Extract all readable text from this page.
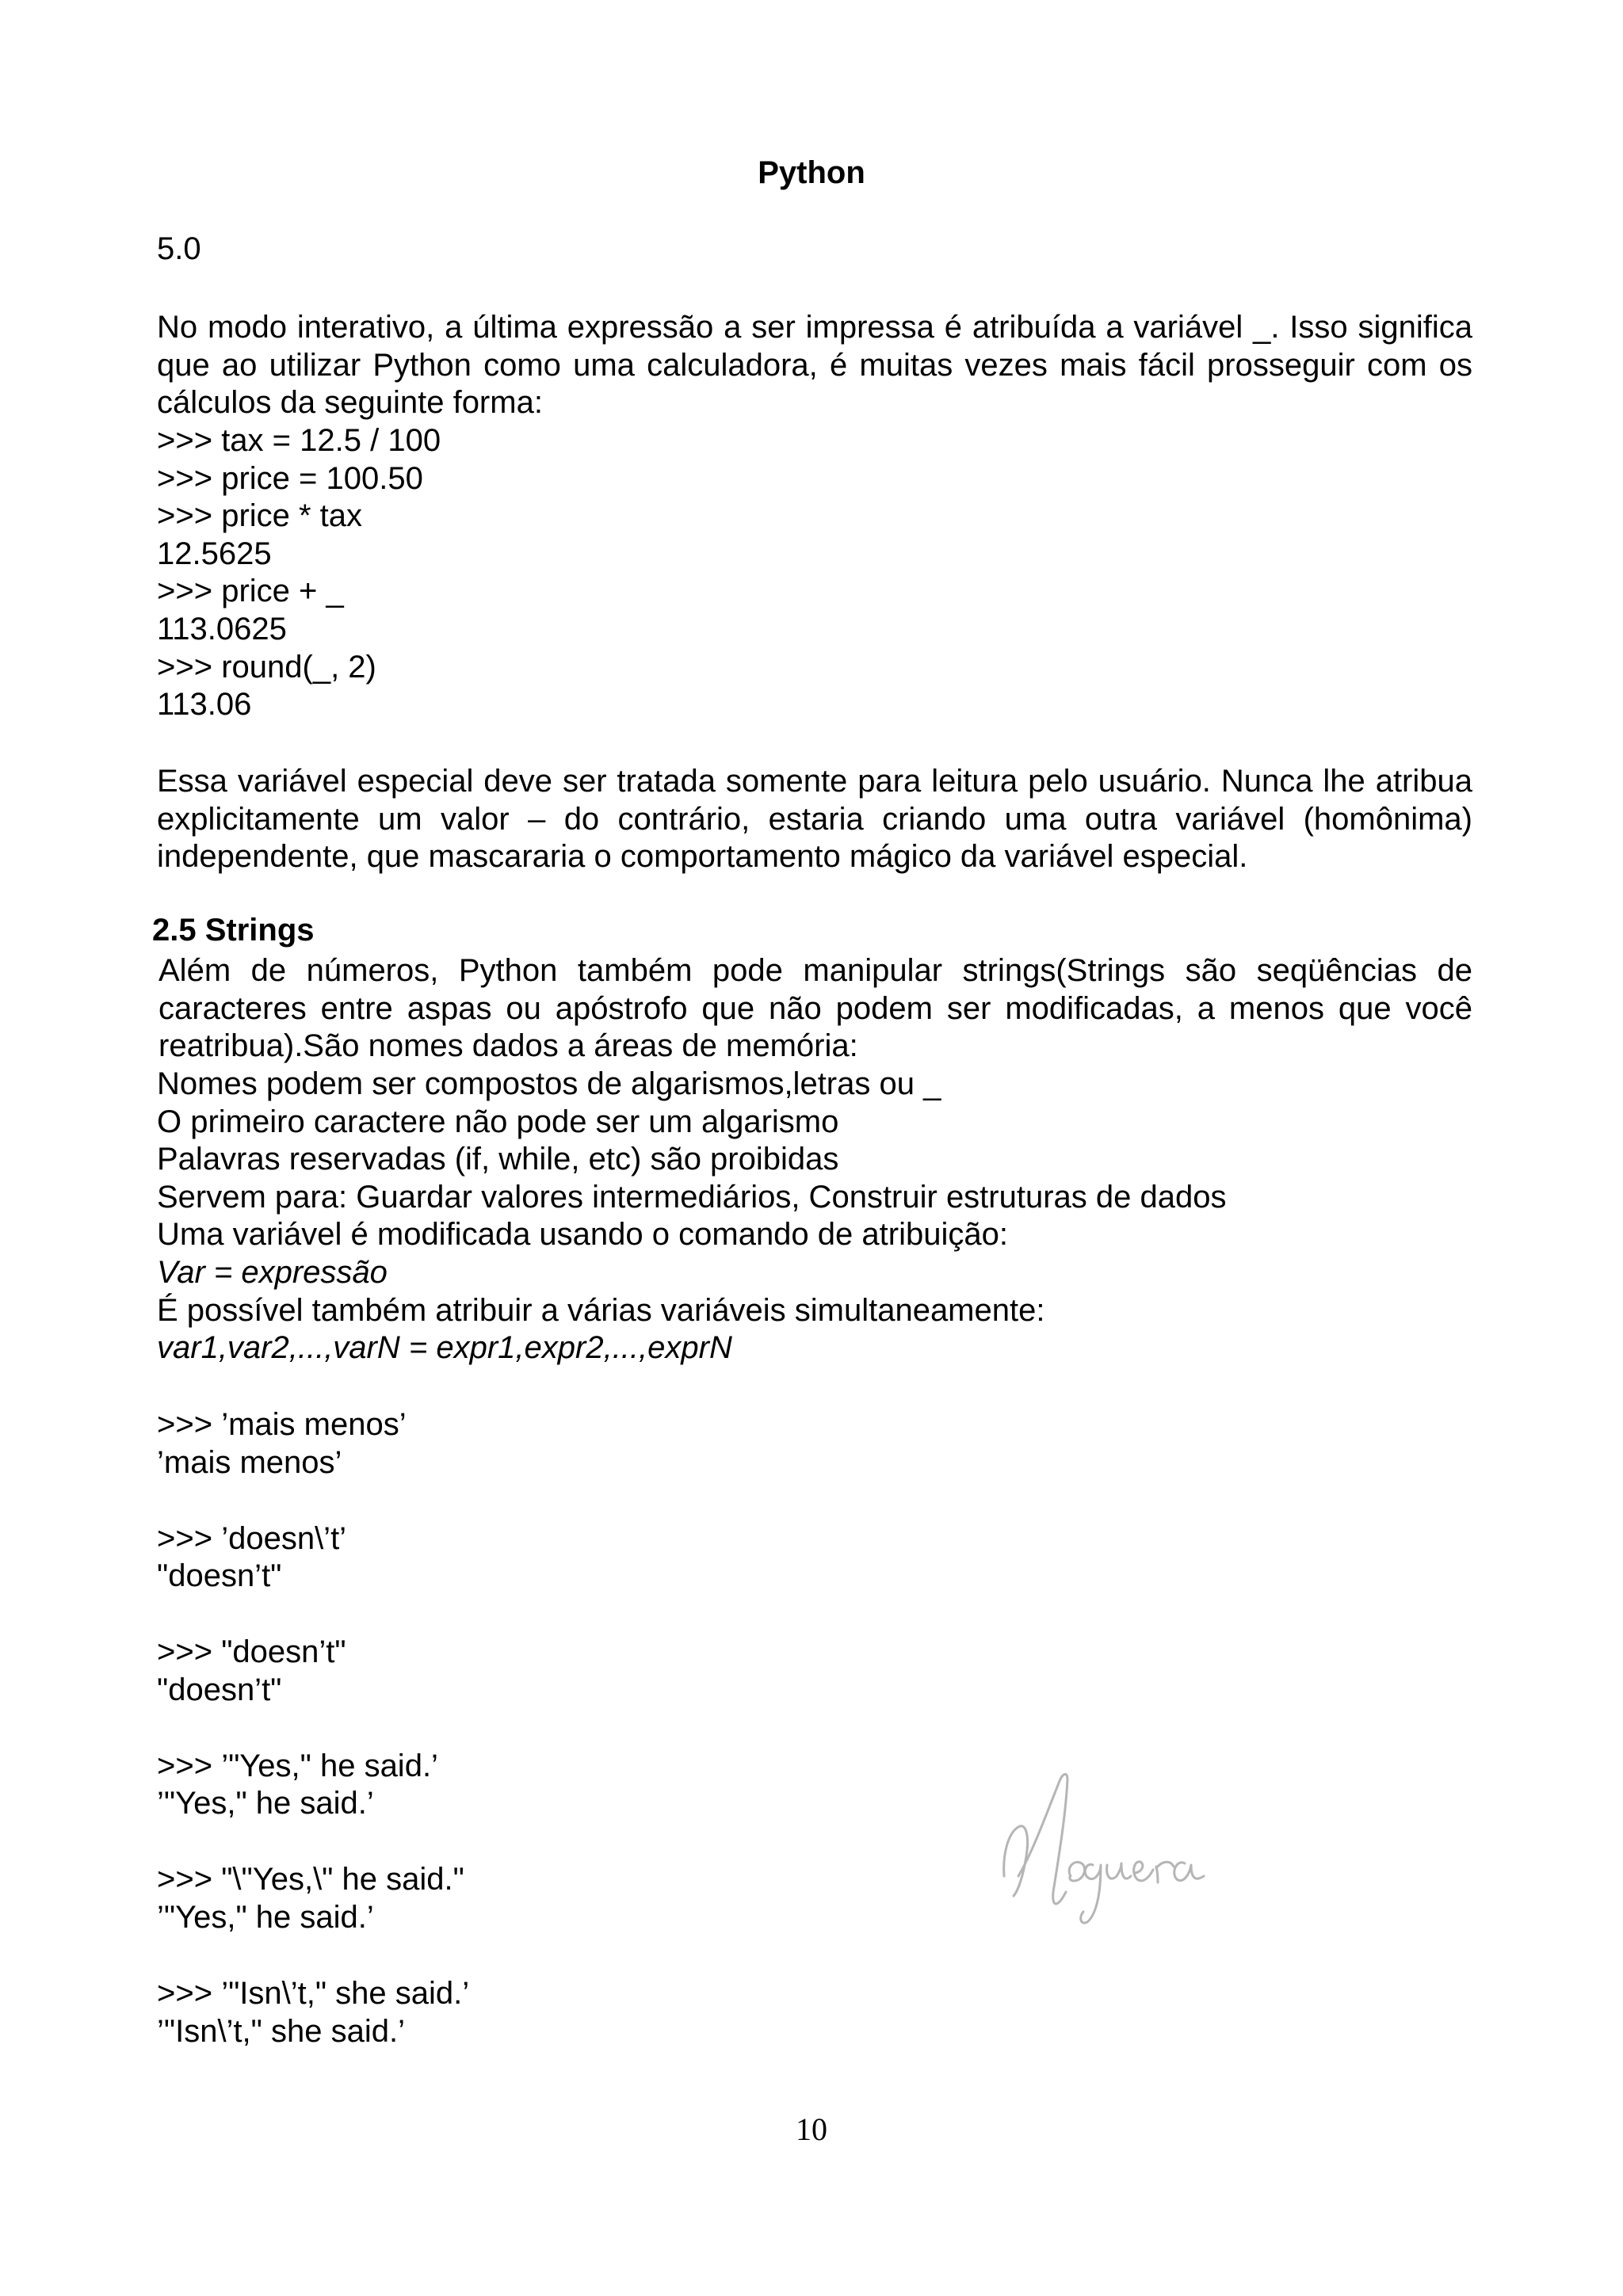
Python
5.0
No modo interativo, a última expressão a ser impressa é atribuída a variável _. Isso significa que ao utilizar Python como uma calculadora, é muitas vezes mais fácil prosseguir com os cálculos da seguinte forma:
>>> tax = 12.5 / 100
>>> price = 100.50
>>> price * tax
12.5625
>>> price + _
113.0625
>>> round(_, 2)
113.06
Essa variável especial deve ser tratada somente para leitura pelo usuário. Nunca lhe atribua explicitamente um valor – do contrário, estaria criando uma outra variável (homônima) independente, que mascararia o comportamento mágico da variável especial.
2.5 Strings
Além de números, Python também pode manipular strings(Strings são seqüências de caracteres entre aspas ou apóstrofo que não podem ser modificadas, a menos que você reatribua).São nomes dados a áreas de memória:
Nomes podem ser compostos de algarismos,letras ou _
O primeiro caractere não pode ser um algarismo
Palavras reservadas (if, while, etc) são proibidas
Servem para: Guardar valores intermediários, Construir estruturas de dados
Uma variável é modificada usando o comando de atribuição:
Var = expressão
É possível também atribuir a várias variáveis simultaneamente:
var1,var2,...,varN = expr1,expr2,...,exprN
>>> ’mais menos’
’mais menos’
>>> ’doesn\’t’
"doesn’t"
>>> "doesn’t"
"doesn’t"
>>> ’"Yes," he said.’
’"Yes," he said.’
>>> "\"Yes,\" he said."
’"Yes," he said.’
>>> ’"Isn\’t," she said.’
’"Isn\’t," she said.’
10
